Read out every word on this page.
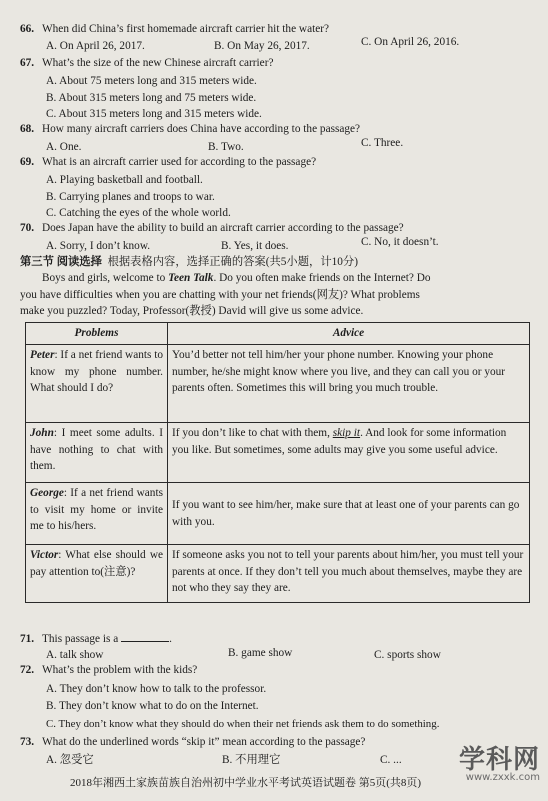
66. When did China’s first homemade aircraft carrier hit the water?
A. On April 26, 2017.	B. On May 26, 2017.	C. On April 26, 2016.
67. What’s the size of the new Chinese aircraft carrier?
A. About 75 meters long and 315 meters wide.
B. About 315 meters long and 75 meters wide.
C. About 315 meters long and 315 meters wide.
68. How many aircraft carriers does China have according to the passage?
A. One.	B. Two.	C. Three.
69. What is an aircraft carrier used for according to the passage?
A. Playing basketball and football.
B. Carrying planes and troops to war.
C. Catching the eyes of the whole world.
70. Does Japan have the ability to build an aircraft carrier according to the passage?
A. Sorry, I don’t know.	B. Yes, it does.	C. No, it doesn’t.
第三节 阅读选择 根据表格内容，选择正确的答案(共5小题，计10分)
Boys and girls, welcome to Teen Talk. Do you often make friends on the Internet? Do
you have difficulties when you are chatting with your net friends(网友)? What problems
make you puzzled? Today, Professor(教授) David will give us some advice.
Problems	Advice
Peter: If a net friend wants to know my phone number. What should I do?	You’d better not tell him/her your phone number. Knowing your phone number, he/she might know where you live, and they can call you or your parents often. Sometimes this will bring you much trouble.
John: I meet some adults. I have nothing to chat with them.	If you don’t like to chat with them, skip it. And look for some information you like. But sometimes, some adults may give you some useful advice.
George: If a net friend wants to visit my home or invite me to his/hers.	If you want to see him/her, make sure that at least one of your parents can go with you.
Victor: What else should we pay attention to(注意)?	If someone asks you not to tell your parents about him/her, you must tell your parents at once. If they don’t tell you much about themselves, maybe they are not who they say they are.
71. This passage is a	.
A. talk show	B. game show	C. sports show
72. What’s the problem with the kids?
A. They don’t know how to talk to the professor.
B. They don’t know what to do on the Internet.
C. They don’t know what they should do when their net friends ask them to do something.
73. What do the underlined words “skip it” mean according to the passage?
A. 忽受它	B. 不用理它	C. ...
2018年湘西土家族苗族自治州初中学业水平考试英语试题卷 第5页(共8页)
学科网
www.zxxk.com
